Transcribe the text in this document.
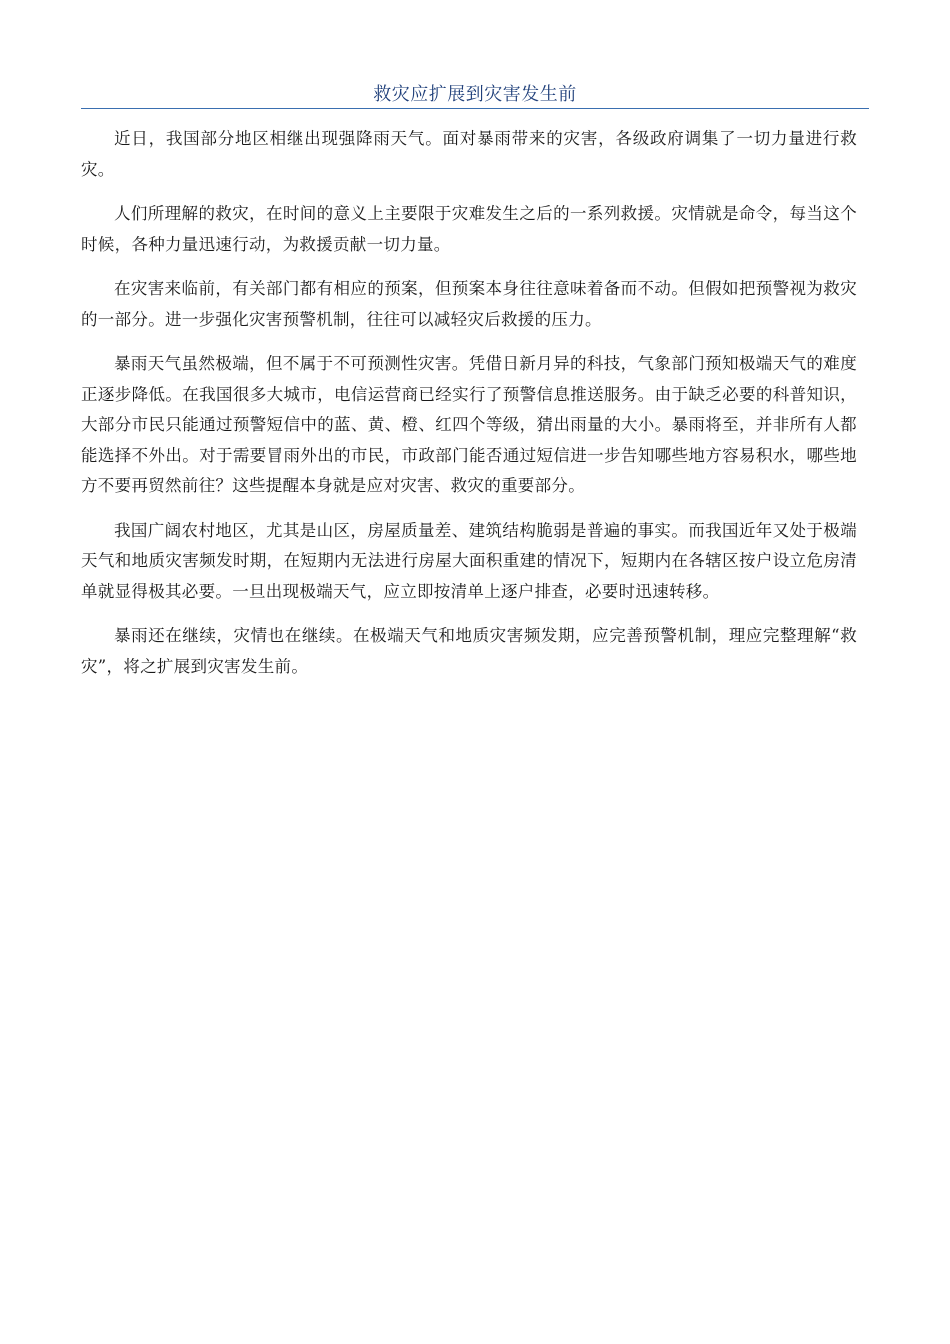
救灾应扩展到灾害发生前

近日，我国部分地区相继出现强降雨天气。面对暴雨带来的灾害，各级政府调集了一切力量进行救灾。

人们所理解的救灾，在时间的意义上主要限于灾难发生之后的一系列救援。灾情就是命令，每当这个时候，各种力量迅速行动，为救援贡献一切力量。

在灾害来临前，有关部门都有相应的预案，但预案本身往往意味着备而不动。但假如把预警视为救灾的一部分。进一步强化灾害预警机制，往往可以减轻灾后救援的压力。

暴雨天气虽然极端，但不属于不可预测性灾害。凭借日新月异的科技，气象部门预知极端天气的难度正逐步降低。在我国很多大城市，电信运营商已经实行了预警信息推送服务。由于缺乏必要的科普知识，大部分市民只能通过预警短信中的蓝、黄、橙、红四个等级，猜出雨量的大小。暴雨将至，并非所有人都能选择不外出。对于需要冒雨外出的市民，市政部门能否通过短信进一步告知哪些地方容易积水，哪些地方不要再贸然前往？这些提醒本身就是应对灾害、救灾的重要部分。

我国广阔农村地区，尤其是山区，房屋质量差、建筑结构脆弱是普遍的事实。而我国近年又处于极端天气和地质灾害频发时期，在短期内无法进行房屋大面积重建的情况下，短期内在各辖区按户设立危房清单就显得极其必要。一旦出现极端天气，应立即按清单上逐户排查，必要时迅速转移。

暴雨还在继续，灾情也在继续。在极端天气和地质灾害频发期，应完善预警机制，理应完整理解“救灾”，将之扩展到灾害发生前。
